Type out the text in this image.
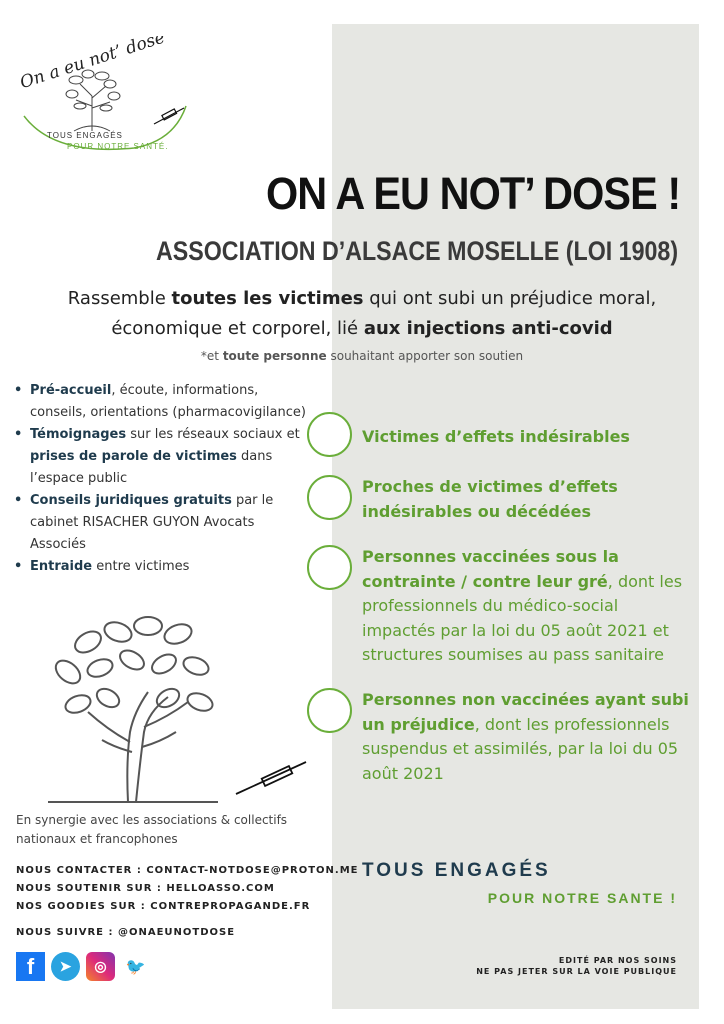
On a eu not’ dose
TOUS ENGAGÉS
POUR NOTRE SANTÉ.
ON A EU NOT’ DOSE !
ASSOCIATION D’ALSACE MOSELLE (LOI 1908)

Rassemble toutes les victimes qui ont subi un préjudice moral, économique et corporel, lié aux injections anti-covid

*et toute personne souhaitant apporter son soutien

• Pré-accueil, écoute, informations, conseils, orientations (pharmacovigilance)
• Témoignages sur les réseaux sociaux et prises de parole de victimes dans l’espace public
• Conseils juridiques gratuits par le cabinet RISACHER GUYON Avocats Associés
• Entraide entre victimes

En synergie avec les associations & collectifs nationaux et francophones

NOUS CONTACTER : CONTACT-NOTDOSE@PROTON.ME
NOUS SOUTENIR SUR : HELLOASSO.COM
NOS GOODIES SUR : CONTREPROPAGANDE.FR
NOUS SUIVRE : @ONAEUNOTDOSE
f	➤	◎	🐦
Victimes d’effets indésirables
Proches de victimes d’effets indésirables ou décédées
Personnes vaccinées sous la contrainte / contre leur gré, dont les professionnels du médico-social impactés par la loi du 05 août 2021 et structures soumises au pass sanitaire
Personnes non vaccinées ayant subi un préjudice, dont les professionnels suspendus et assimilés, par la loi du 05 août 2021
TOUS ENGAGÉS
POUR NOTRE SANTE !
EDITÉ PAR NOS SOINS
NE PAS JETER SUR LA VOIE PUBLIQUE
